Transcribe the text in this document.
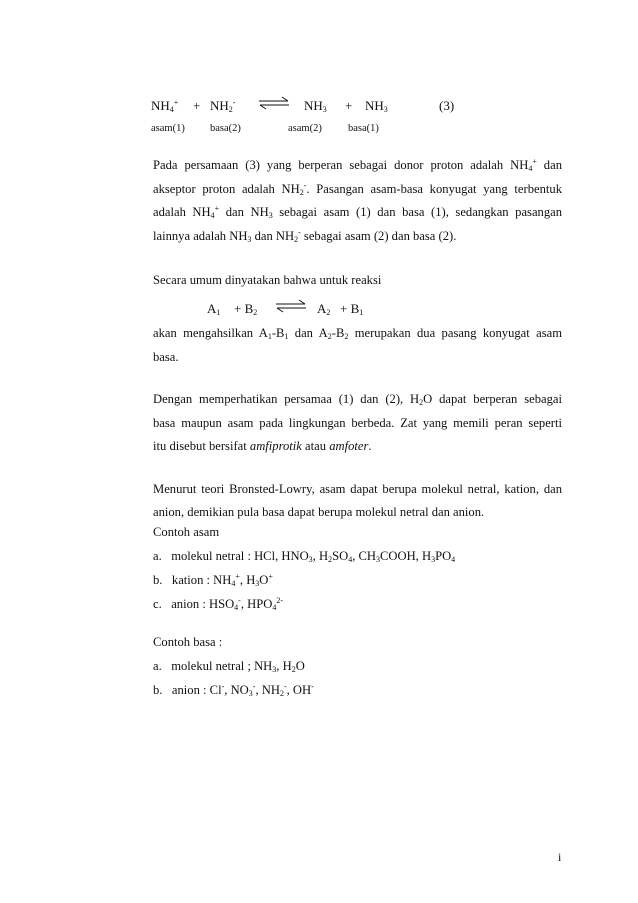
$NH_4^+ + NH_2^-$ ⇌ $NH_3 + NH_3$	(3)
asam(1) basa(2)	asam(2) basa(1)
Pada persamaan (3) yang berperan sebagai donor proton adalah $NH_4^+$ dan
akseptor proton adalah $NH_2^-$. Pasangan asam-basa konyugat yang terbentuk
adalah $NH_4^+$ dan $NH_3$ sebagai asam (1) dan basa (1), sedangkan pasangan
lainnya adalah $NH_3$ dan $NH_2^-$ sebagai asam (2) dan basa (2).
Secara umum dinyatakan bahwa untuk reaksi
$A_1 + B_2$ ⇌ $A_2 + B_1$
akan mengahsilkan $A_1-B_1$ dan $A_2-B_2$ merupakan dua pasang konyugat asam
basa.
Dengan memperhatikan persamaa (1) dan (2), $H_2O$ dapat berperan sebagai
basa maupun asam pada lingkungan berbeda. Zat yang memili peran seperti
itu disebut bersifat amfiprotik atau amfoter.
Menurut teori Bronsted-Lowry, asam dapat berupa molekul netral, kation, dan
anion, demikian pula basa dapat berupa molekul netral dan anion.
Contoh asam
a. molekul netral : HCl, $HNO_3$, $H_2SO_4$, $CH_3COOH$, $H_3PO_4$
b. kation : $NH_4^+$, $H_3O^+$
c. anion : $HSO_4^-$, $HPO_4^{2-}$
Contoh basa :
a. molekul netral ; $NH_3$, $H_2O$
b. anion : Cl-, $NO_3^-$, $NH_2^-$, OH-
i
